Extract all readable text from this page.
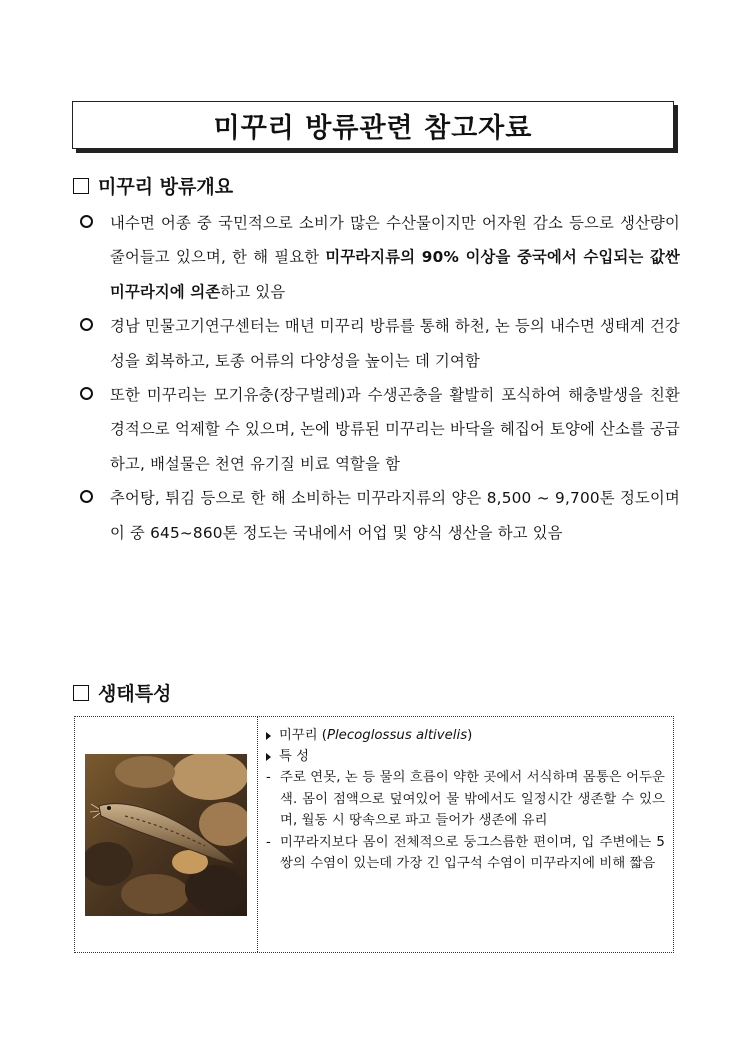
미꾸리 방류관련 참고자료
미꾸리 방류개요
내수면 어종 중 국민적으로 소비가 많은 수산물이지만 어자원 감소 등으로 생산량이 줄어들고 있으며, 한 해 필요한 미꾸라지류의 90% 이상을 중국에서 수입되는 값싼 미꾸라지에 의존하고 있음
경남 민물고기연구센터는 매년 미꾸리 방류를 통해 하천, 논 등의 내수면 생태계 건강성을 회복하고, 토종 어류의 다양성을 높이는 데 기여함
또한 미꾸리는 모기유충(장구벌레)과 수생곤충을 활발히 포식하여 해충발생을 친환경적으로 억제할 수 있으며, 논에 방류된 미꾸리는 바닥을 헤집어 토양에 산소를 공급하고, 배설물은 천연 유기질 비료 역할을 함
추어탕, 튀김 등으로 한 해 소비하는 미꾸라지류의 양은 8,500 ~ 9,700톤 정도이며 이 중 645~860톤 정도는 국내에서 어업 및 양식 생산을 하고 있음
생태특성
미꾸리 ( Plecoglossus altivelis )
특 성
- 주로 연못, 논 등 물의 흐름이 약한 곳에서 서식하며 몸통은 어두운 색. 몸이 점액으로 덮여있어 물 밖에서도 일정시간 생존할 수 있으며, 월동 시 땅속으로 파고 들어가 생존에 유리
- 미꾸라지보다 몸이 전체적으로 둥그스름한 편이며, 입 주변에는 5쌍의 수염이 있는데 가장 긴 입구석 수염이 미꾸라지에 비해 짧음
